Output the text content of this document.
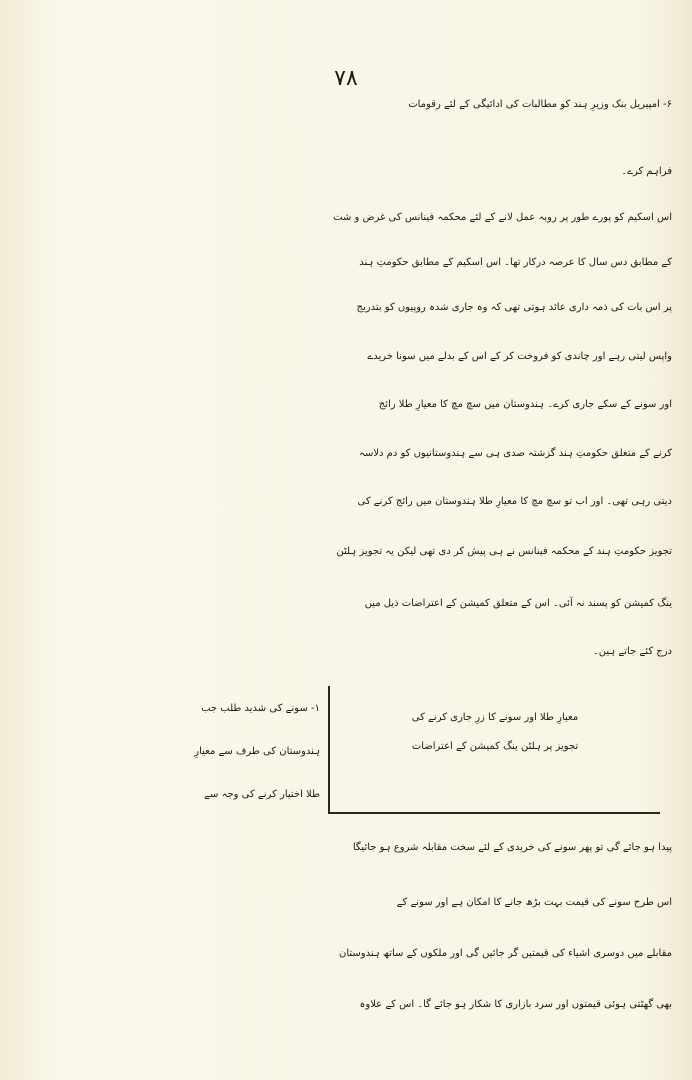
۷۸
۶- امپیریل بنک وزیرِ ہند کو مطالبات کی ادائیگی کے لئے رقومات
فراہم کرے۔
اس اسکیم کو پورے طور پر روبہ عمل لانے کے لئے محکمہ فینانس کی غرض و شت
کے مطابق دس سال کا عرصہ درکار تھا۔ اس اسکیم کے مطابق حکومتِ ہند
پر اس بات کی ذمہ داری عائد ہوتی تھی کہ وہ جاری شدہ روپیوں کو بتدریج
واپس لیتی رہے اور چاندی کو فروخت کر کے اس کے بدلے میں سونا خریدے
اور سونے کے سکے جاری کرے۔ ہندوستان میں سچ مچ کا معیارِ طلا رائج
کرنے کے متعلق حکومتِ ہند گزشتہ صدی ہی سے ہندوستانیوں کو دم دلاسہ
دیتی رہی تھی۔ اور اب تو سچ مچ کا معیارِ طلا ہندوستان میں رائج کرنے کی
تجویز حکومتِ ہند کے محکمہ فینانس نے ہی پیش کر دی تھی لیکن یہ تجویز ہلٹن
ینگ کمیشن کو پسند نہ آئی۔ اس کے متعلق کمیشن کے اعتراضات ذیل میں
درج کئے جاتے ہیں۔
معیارِ طلا اور سونے کا زرِ جاری کرنے کی
تجویز پر ہلٹن ینگ کمیشن کے اعتراضات
۱- سونے کی شدید طلب جب
ہندوستان کی طرف سے معیارِ
طلا اختیار کرنے کی وجہ سے
پیدا ہو جائے گی تو پھر سونے کی خریدی کے لئے سخت مقابلہ شروع ہو جائیگا
اس طرح سونے کی قیمت بہت بڑھ جانے کا امکان ہے اور سونے کے
مقابلے میں دوسری اشیاء کی قیمتیں گر جائیں گی اور ملکوں کے ساتھ ہندوستان
بھی گھٹتی ہوئی قیمتوں اور سرد بازاری کا شکار ہو جائے گا۔ اس کے علاوہ
